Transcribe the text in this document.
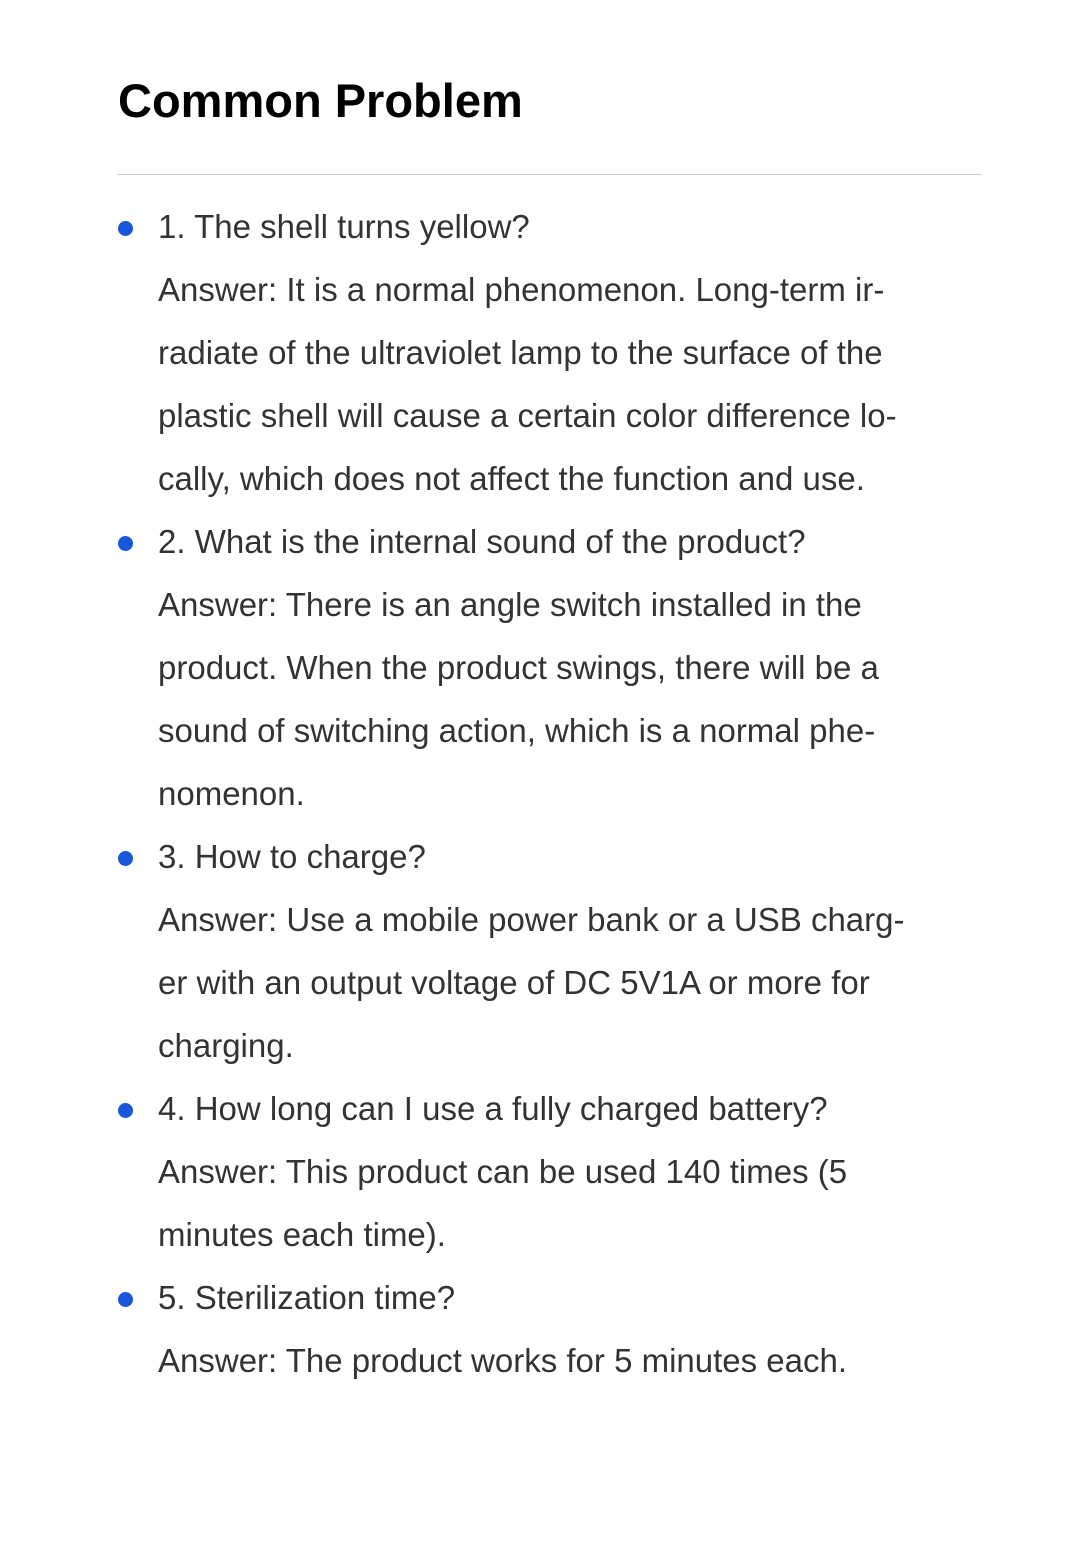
Common Problem
1. The shell turns yellow?
Answer: It is a normal phenomenon. Long-term ir-
radiate of the ultraviolet lamp to the surface of the
plastic shell will cause a certain color difference lo-
cally, which does not affect the function and use.
2. What is the internal sound of the product?
Answer: There is an angle switch installed in the
product. When the product swings, there will be a
sound of switching action, which is a normal phe-
nomenon.
3. How to charge?
Answer: Use a mobile power bank or a USB charg-
er with an output voltage of DC 5V1A or more for
charging.
4. How long can I use a fully charged battery?
Answer: This product can be used 140 times (5
minutes each time).
5. Sterilization time?
Answer: The product works for 5 minutes each.
